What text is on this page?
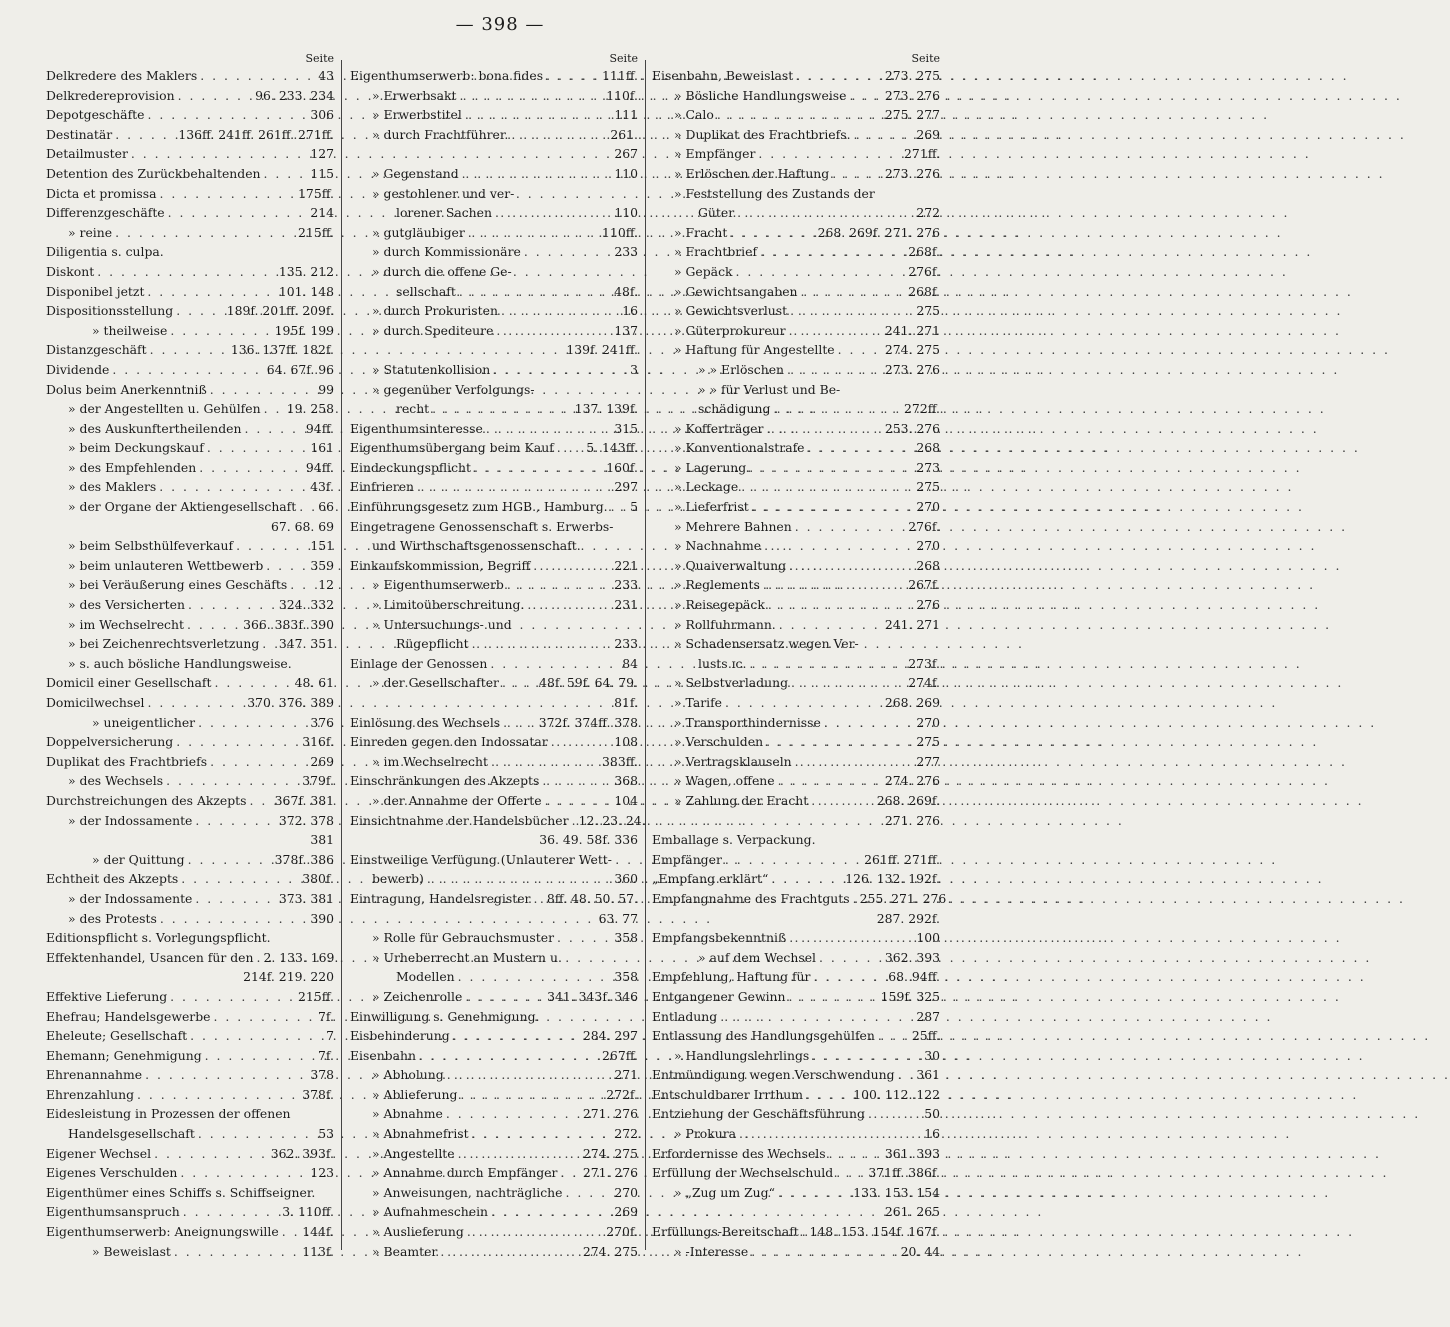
— 398 —
Seite
Delkredere des Maklers . . .	43
Delkredereprovision . . .	96. 233. 234
Depotgeschäfte . . .	306
Destinatär . . .	136ff. 241ff. 261ff. 271ff.
Detailmuster . . .	127
Detention des Zurückbehaltenden . . .	115
Dicta et promissa . . .	175ff.
Differenzgeschäfte . . .	214
» reine . . .	215ff.
Diligentia s. culpa.
Diskont . . .	135. 212
Disponibel jetzt . . .	101. 148
Dispositionsstellung . . .	189f. 201ff. 209f.
» theilweise . . .	195f. 199
Distanzgeschäft . . .	136. 137ff. 182f.
Dividende . . .	64. 67f. 96
Dolus beim Anerkenntniß . . .	99
» der Angestellten u. Gehülfen . . . 19. 258
» des Auskunftertheilenden . . .	94ff.
» beim Deckungskauf . . .	161
» des Empfehlenden . . .	94ff.
» des Maklers . . .	43f.
» der Organe der Aktiengesellschaft . . . 66
67. 68. 69
» beim Selbsthülfeverkauf . . .	151
» beim unlauteren Wettbewerb . . .	359
» bei Veräußerung eines Geschäfts . . .	12
» des Versicherten . . .	324. 332
» im Wechselrecht . . .	366. 383f. 390
» bei Zeichenrechtsverletzung . . . 347. 351
» s. auch bösliche Handlungsweise.
Domicil einer Gesellschaft . . .	48. 61
Domicilwechsel . . .	370. 376. 389
» uneigentlicher . . .	376
Doppelversicherung . . .	316f.
Duplikat des Frachtbriefs . . .	269
» des Wechsels . . .	379f.
Durchstreichungen des Akzepts . . . 367f. 381
» der Indossamente . . .	372. 378
381
» der Quittung . . .	378f. 386
Echtheit des Akzepts . . .	380f.
» der Indossamente . . .	373. 381
» des Protests . . .	390
Editionspflicht s. Vorlegungspflicht.
Effektenhandel, Usancen für den . . . 2. 133. 169.
214f. 219. 220
Effektive Lieferung . . .	215ff.
Ehefrau; Handelsgewerbe . . .	7f.
Eheleute; Gesellschaft . . .	7
Ehemann; Genehmigung . . .	7f.
Ehrenannahme . . .	378
Ehrenzahlung . . .	378f.
Eidesleistung in Prozessen der offenen
Handelsgesellschaft . . .	53
Eigener Wechsel . . .	362. 393f.
Eigenes Verschulden . . .	123
Eigenthümer eines Schiffs s. Schiffseigner.
Eigenthumsanspruch . . .	3. 110ff.
Eigenthumserwerb: Aneignungswille . . . 144f.
» Beweislast . . .	113f.
Seite
Eigenthumserwerb: bona fides . . .	111ff.
» Erwerbsakt . . .	110f.
» Erwerbstitel . . .	111
» durch Frachtführer. . . .	261.
267
» Gegenstand . . .	110
» gestohlener und ver-
lorener Sachen . . .	110
» gutgläubiger . . .	110ff.
» durch Kommissionäre . . .	233
» durch die offene Ge-
sellschaft . . .	48f.
» durch Prokuristen . . .	16
» durch Spediteure . . .	137
139f. 241ff.
» Statutenkollision . . .	3
» gegenüber Verfolgungs-
recht . . .	137. 139f.
Eigenthumsinteresse . . .	315
Eigenthumsübergang beim Kauf . . .	5. 143ff.
Eindeckungspflicht . . .	160f.
Einfrieren . . .	297
Einführungsgesetz zum HGB., Hamburg. . . . 5
Eingetragene Genossenschaft s. Erwerbs-
und Wirthschaftsgenossenschaft.
Einkaufskommission, Begriff . . .	221
» Eigenthumserwerb . . .	233
» Limitoüberschreitung. . . .	231
» Untersuchungs- und
Rügepflicht . . .	233
Einlage der Genossen . . .	84
» der Gesellschafter . . .	48f. 59f. 64. 79.
81f.
Einlösung des Wechsels . . .	372f. 374ff. 378
Einreden gegen den Indossatar . . .	108
» im Wechselrecht . . .	383ff.
Einschränkungen des Akzepts . . .	368
» der Annahme der Offerte . . .	104
Einsichtnahme der Handelsbücher . . . 12. 23. 24.
36. 49. 58f. 336
Einstweilige Verfügung (Unlauterer Wett-
bewerb) . . .	360
Eintragung, Handelsregister . . . 8ff. 48. 50. 57.
63. 77
» Rolle für Gebrauchsmuster . . .	358
» Urheberrecht an Mustern u.
Modellen . . .	358
» Zeichenrolle . . .	341. 343f. 346
Einwilligung s. Genehmigung.
Eisbehinderung . . .	284. 297
Eisenbahn . . .	267ff.
» Abholung . . .	271
» Ablieferung . . .	272f.
» Abnahme . . .	271. 276
» Abnahmefrist . . .	272
» Angestellte . . .	274. 275
» Annahme durch Empfänger . . . 271. 276
» Anweisungen, nachträgliche . . .	270
» Aufnahmeschein . . .	269
» Auslieferung . . .	270f.
» Beamter . . .	274. 275
Seite
Eisenbahn, Beweislast . . .	273. 275
» Bösliche Handlungsweise . . .	273. 276
» Calo . . .	275. 277
» Duplikat des Frachtbriefs. . . .	269
» Empfänger . . .	271ff.
» Erlöschen der Haftung . . .	273. 276
» Feststellung des Zustands der
Güter . . .	272
» Fracht . . .	268. 269f. 271. 276
» Frachtbrief . . .	268f.
» Gepäck . . .	276f.
» Gewichtsangaben . . .	268f.
» Gewichtsverlust . . .	275
» Güterprokureur . . .	241. 271
» Haftung für Angestellte . . .	274. 275
» » Erlöschen . . .	273. 276
» » für Verlust und Be-
schädigung . . .	272ff.
» Kofferträger . . .	253. 276
» Konventionalstrafe . . .	268
» Lagerung . . .	273
» Leckage . . .	275
» Lieferfrist . . .	270
» Mehrere Bahnen . . .	276f.
» Nachnahme . . .	270
» Quaiverwaltung . . .	268
» Reglements . . .	267f.
» Reisegepäck . . .	276
» Rollfuhrmann. . . .	241. 271
» Schadensersatz wegen Ver-
lusts ɪc. . . .	273f.
» Selbstverladung . . .	274f.
» Tarife . . .	268. 269
» Transporthindernisse . . .	270
» Verschulden . . .	275
» Vertragsklauseln . . .	277
» Wagen, offene . . .	274. 276
» Zahlung der Fracht . . .	268. 269f.
271. 276
Emballage s. Verpackung.
Empfänger . . .	261ff. 271ff.
„Empfang erklärt“ . . .	126. 132. 192f.
Empfangnahme des Frachtguts . . . 255. 271. 276
287. 292f.
Empfangsbekenntniß . . .	100
» auf dem Wechsel . . .	362. 393
Empfehlung, Haftung für . . .	68. 94ff.
Entgangener Gewinn . . .	159f. 325
Entladung . . .	287
Entlassung des Handlungsgehülfen . . .	25ff.
» Handlungslehrlings . . .	30
Entmündigung wegen Verschwendung . . . 361
Entschuldbarer Irrthum . . .	100. 112. 122
Entziehung der Geschäftsführung . . .	50
» Prokura . . .	16
Erfordernisse des Wechsels . . .	361. 393
Erfüllung der Wechselschuld . . .	371ff. 386f.
» „Zug um Zug“ . . .	133. 153. 154
261. 265
Erfüllungs-Bereitschaft . . . 148. 153. 154f. 167f.
» -Interesse . . .	20. 44
